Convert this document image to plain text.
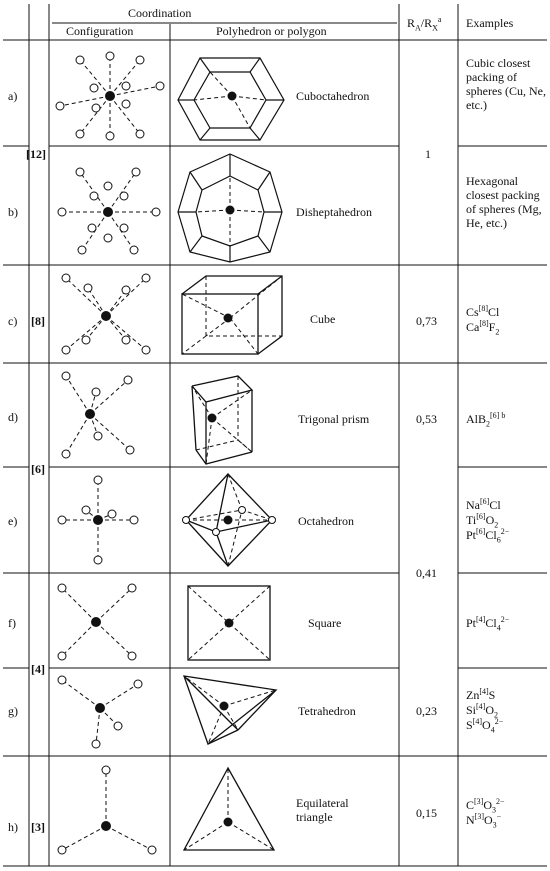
Coordination
Configuration	Polyhedron or polygon
$R_A/R_X^a$ Examples
a)
b)
c)
d)
e)
f)
g)
h)
[12]
[8]
[6]
[4]
[3]
Cuboctahedron
Disheptahedron
Cube
Trigonal prism
Octahedron
Square
Tetrahedron
Equilateral triangle
1
0,73
0,53
0,41
0,23
0,15
Cubic closest packing of spheres (Cu, Ne, etc.)
Hexagonal closest packing of spheres (Mg, He, etc.)
Cs[8]Cl
$Ca[8]F_2$
AlB$_2^{[6] b}$
Na[6]Cl
$Ti[6]O_2$
$Pt[6]Cl_6^{2-}$
$Pt[4]Cl_4^{2-}$
Zn[4]S
$Si[4]O_2$
$S[4]O_4^{2-}$
$C[3]O_3^{2-}$
$N[3]O_3^-$
